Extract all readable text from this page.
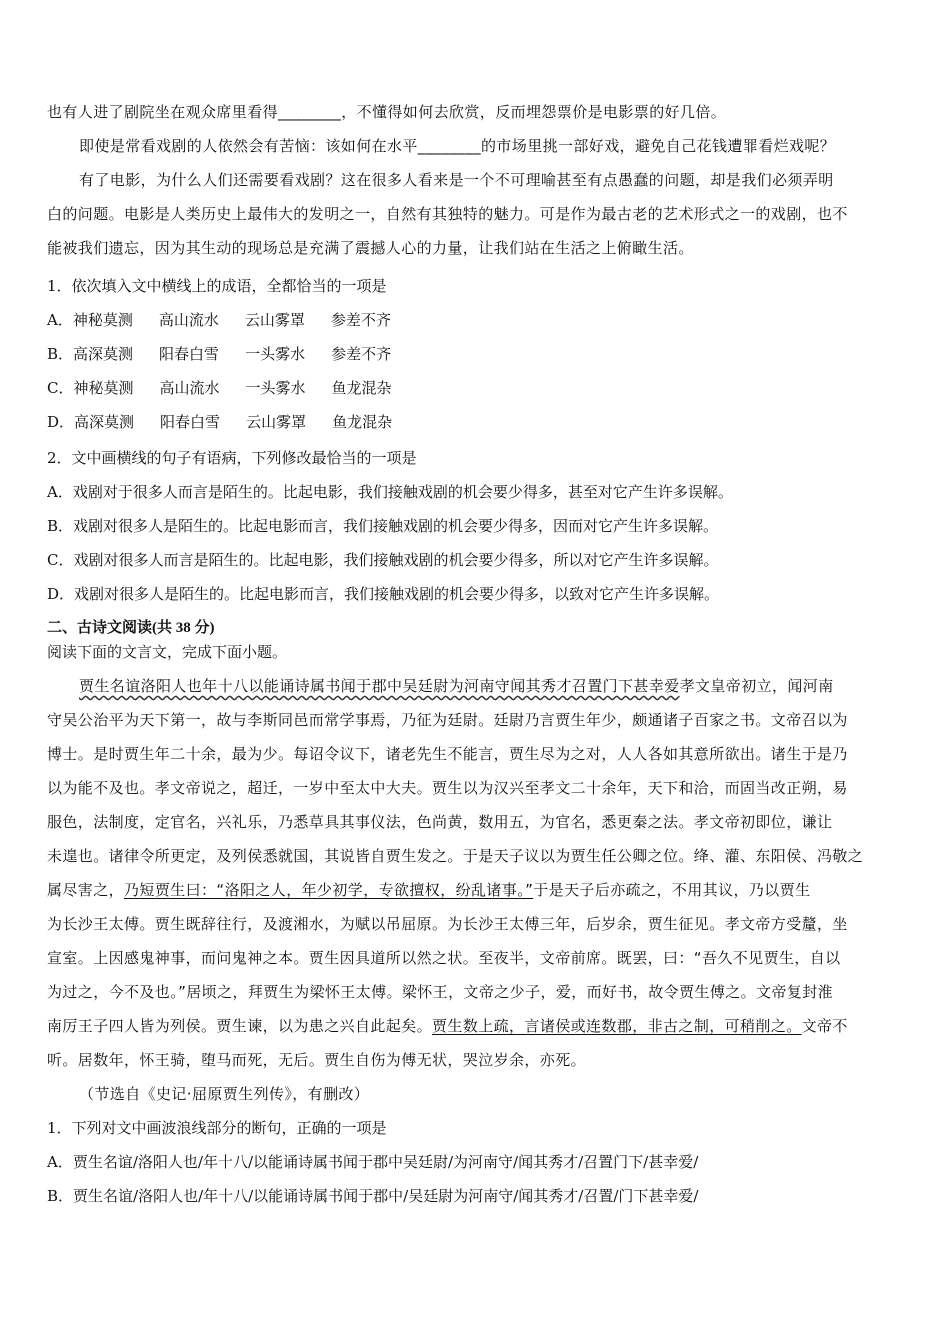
也有人进了剧院坐在观众席里看得________，不懂得如何去欣赏，反而埋怨票价是电影票的好几倍。
即使是常看戏剧的人依然会有苦恼：该如何在水平________的市场里挑一部好戏，避免自己花钱遭罪看烂戏呢？
有了电影，为什么人们还需要看戏剧？这在很多人看来是一个不可理喻甚至有点愚蠢的问题，却是我们必须弄明
白的问题。电影是人类历史上最伟大的发明之一，自然有其独特的魅力。可是作为最古老的艺术形式之一的戏剧，也不
能被我们遗忘，因为其生动的现场总是充满了震撼人心的力量，让我们站在生活之上俯瞰生活。
1．依次填入文中横线上的成语，全都恰当的一项是
A．神秘莫测 高山流水 云山雾罩 参差不齐
B．高深莫测 阳春白雪 一头雾水 参差不齐
C．神秘莫测 高山流水 一头雾水 鱼龙混杂
D．高深莫测 阳春白雪 云山雾罩 鱼龙混杂
2．文中画横线的句子有语病，下列修改最恰当的一项是
A．戏剧对于很多人而言是陌生的。比起电影，我们接触戏剧的机会要少得多，甚至对它产生许多误解。
B．戏剧对很多人是陌生的。比起电影而言，我们接触戏剧的机会要少得多，因而对它产生许多误解。
C．戏剧对很多人而言是陌生的。比起电影，我们接触戏剧的机会要少得多，所以对它产生许多误解。
D．戏剧对很多人是陌生的。比起电影而言，我们接触戏剧的机会要少得多，以致对它产生许多误解。
二、古诗文阅读(共 38 分)
阅读下面的文言文，完成下面小题。
贾生名谊洛阳人也年十八以能诵诗属书闻于郡中吴廷尉为河南守闻其秀才召置门下甚幸爱孝文皇帝初立，闻河南
守吴公治平为天下第一，故与李斯同邑而常学事焉，乃征为廷尉。廷尉乃言贾生年少，颇通诸子百家之书。文帝召以为
博士。是时贾生年二十余，最为少。每诏令议下，诸老先生不能言，贾生尽为之对，人人各如其意所欲出。诸生于是乃
以为能不及也。孝文帝说之，超迁，一岁中至太中大夫。贾生以为汉兴至孝文二十余年，天下和洽，而固当改正朔，易
服色，法制度，定官名，兴礼乐，乃悉草具其事仪法，色尚黄，数用五，为官名，悉更秦之法。孝文帝初即位，谦让
未遑也。诸律令所更定，及列侯悉就国，其说皆自贾生发之。于是天子议以为贾生任公卿之位。绛、灌、东阳侯、冯敬之
属尽害之，乃短贾生曰：“洛阳之人，年少初学，专欲擅权，纷乱诸事。”于是天子后亦疏之，不用其议，乃以贾生
为长沙王太傅。贾生既辞往行，及渡湘水，为赋以吊屈原。为长沙王太傅三年，后岁余，贾生征见。孝文帝方受釐，坐
宣室。上因感鬼神事，而问鬼神之本。贾生因具道所以然之状。至夜半，文帝前席。既罢，曰：“吾久不见贾生，自以
为过之，今不及也。”居顷之，拜贾生为梁怀王太傅。梁怀王，文帝之少子，爱，而好书，故令贾生傅之。文帝复封淮
南厉王子四人皆为列侯。贾生谏，以为患之兴自此起矣。贾生数上疏，言诸侯或连数郡，非古之制，可稍削之。文帝不
听。居数年，怀王骑，堕马而死，无后。贾生自伤为傅无状，哭泣岁余，亦死。
（节选自《史记·屈原贾生列传》，有删改）
1．下列对文中画波浪线部分的断句，正确的一项是
A．贾生名谊/洛阳人也/年十八/以能诵诗属书闻于郡中吴廷尉/为河南守/闻其秀才/召置门下/甚幸爱/
B．贾生名谊/洛阳人也/年十八/以能诵诗属书闻于郡中/吴廷尉为河南守/闻其秀才/召置/门下甚幸爱/
